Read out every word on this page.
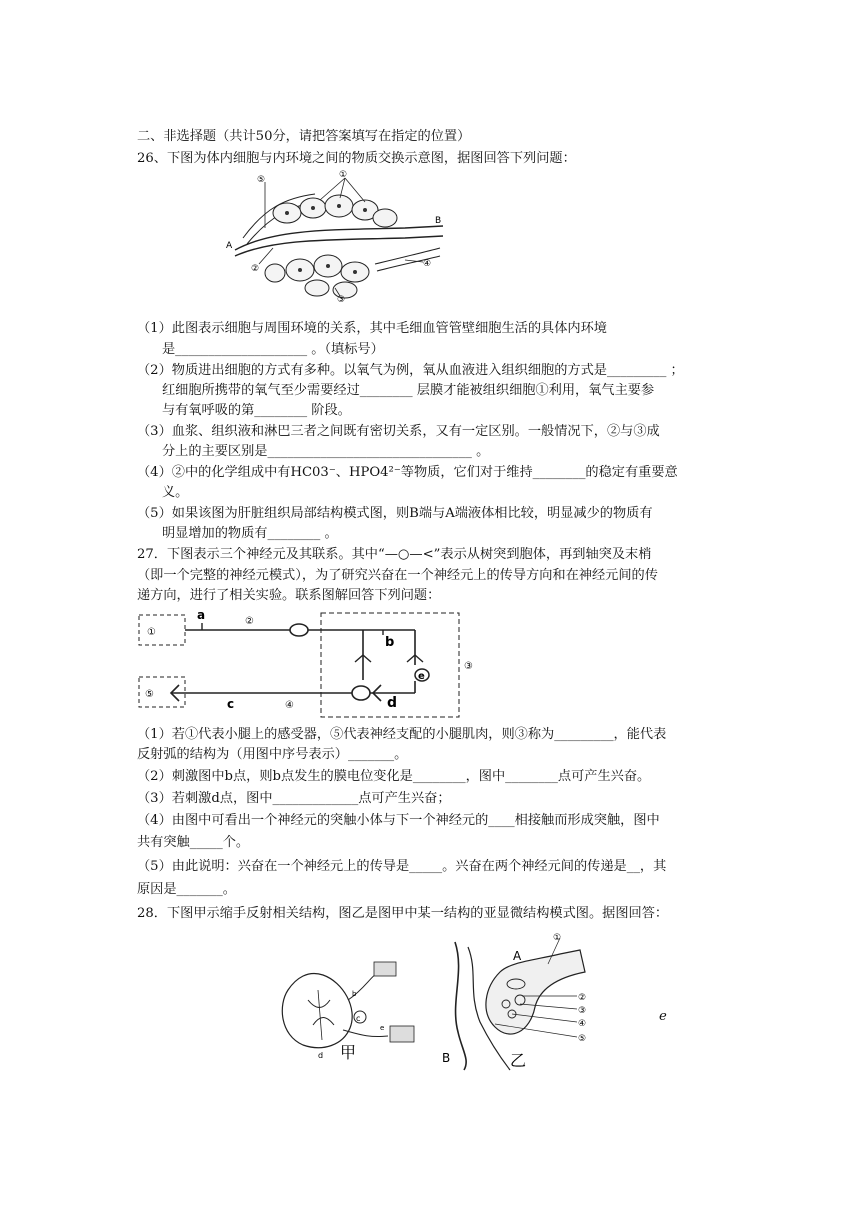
二、非选择题（共计50分，请把答案填写在指定的位置）
26、下图为体内细胞与内环境之间的物质交换示意图，据图回答下列问题：
⑤	①
A
B
②	④
③
（1）此图表示细胞与周围环境的关系，其中毛细血管管壁细胞生活的具体内环境
是____________________ 。（填标号）
（2）物质进出细胞的方式有多种。以氧气为例，氧从血液进入组织细胞的方式是_________ ；
红细胞所携带的氧气至少需要经过________ 层膜才能被组织细胞①利用，氧气主要参
与有氧呼吸的第________ 阶段。
（3）血浆、组织液和淋巴三者之间既有密切关系，又有一定区别。一般情况下，②与③成
分上的主要区别是_______________________________ 。
（4）②中的化学组成中有HC03⁻、HPO4²⁻等物质，它们对于维持________的稳定有重要意
义。
（5）如果该图为肝脏组织局部结构模式图，则B端与A端液体相比较，明显减少的物质有
明显增加的物质有________ 。
27．下图表示三个神经元及其联系。其中“—○—<”表示从树突到胞体，再到轴突及末梢
（即一个完整的神经元模式），为了研究兴奋在一个神经元上的传导方向和在神经元间的传
递方向，进行了相关实验。联系图解回答下列问题：
①
a	②
③
b
e
⑤
c	④	d
（1）若①代表小腿上的感受器，⑤代表神经支配的小腿肌肉，则③称为_________，能代表
反射弧的结构为（用图中序号表示）_______。
（2）刺激图中b点，则b点发生的膜电位变化是________，图中________点可产生兴奋。
（3）若刺激d点，图中_____________点可产生兴奋；
（4）由图中可看出一个神经元的突触小体与下一个神经元的____相接触而形成突触，图中
共有突触_____个。
（5）由此说明：兴奋在一个神经元上的传导是_____。兴奋在两个神经元间的传递是__，其
原因是_______。
28．下图甲示缩手反射相关结构，图乙是图甲中某一结构的亚显微结构模式图。据图回答：
c
b
e
d 甲
A
①
②
③
④
⑤
B	乙
e
